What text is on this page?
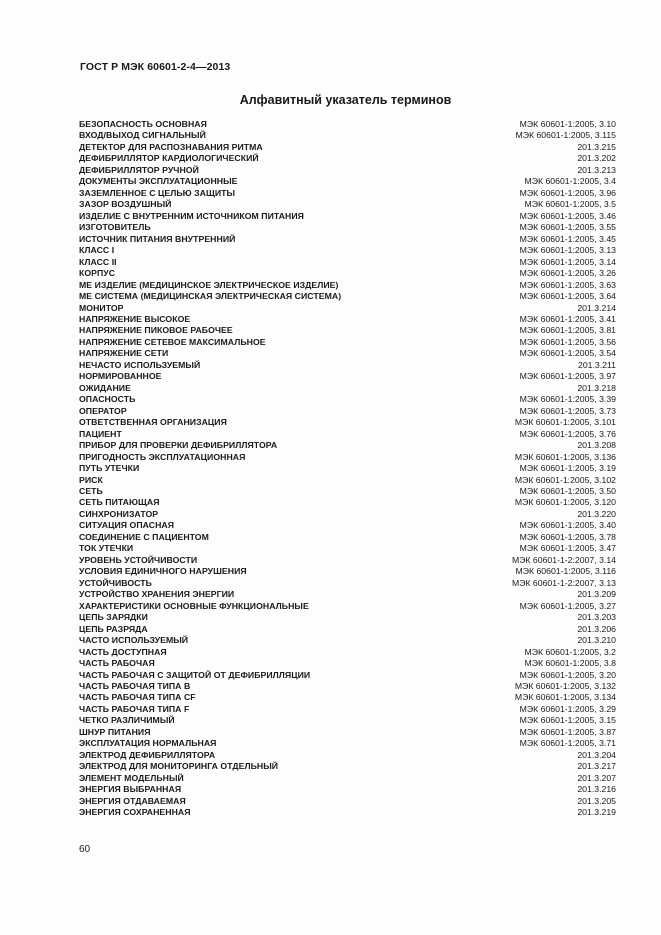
ГОСТ Р МЭК 60601-2-4—2013
Алфавитный указатель терминов
БЕЗОПАСНОСТЬ ОСНОВНАЯ	МЭК 60601-1:2005, 3.10
ВХОД/ВЫХОД СИГНАЛЬНЫЙ	МЭК 60601-1:2005, 3.115
ДЕТЕКТОР ДЛЯ РАСПОЗНАВАНИЯ РИТМА	201.3.215
ДЕФИБРИЛЛЯТОР КАРДИОЛОГИЧЕСКИЙ	201.3.202
ДЕФИБРИЛЛЯТОР РУЧНОЙ	201.3.213
ДОКУМЕНТЫ ЭКСПЛУАТАЦИОННЫЕ	МЭК 60601-1:2005, 3.4
ЗАЗЕМЛЕННОЕ С ЦЕЛЬЮ ЗАЩИТЫ	МЭК 60601-1:2005, 3.96
ЗАЗОР ВОЗДУШНЫЙ	МЭК 60601-1:2005, 3.5
ИЗДЕЛИЕ С ВНУТРЕННИМ ИСТОЧНИКОМ ПИТАНИЯ	МЭК 60601-1:2005, 3.46
ИЗГОТОВИТЕЛЬ	МЭК 60601-1:2005, 3.55
ИСТОЧНИК ПИТАНИЯ ВНУТРЕННИЙ	МЭК 60601-1:2005, 3.45
КЛАСС I	МЭК 60601-1:2005, 3.13
КЛАСС II	МЭК 60601-1:2005, 3.14
КОРПУС	МЭК 60601-1:2005, 3.26
ME ИЗДЕЛИЕ (МЕДИЦИНСКОЕ ЭЛЕКТРИЧЕСКОЕ ИЗДЕЛИЕ)	МЭК 60601-1:2005, 3.63
ME СИСТЕМА (МЕДИЦИНСКАЯ ЭЛЕКТРИЧЕСКАЯ СИСТЕМА)	МЭК 60601-1:2005, 3.64
МОНИТОР	201.3.214
НАПРЯЖЕНИЕ ВЫСОКОЕ	МЭК 60601-1:2005, 3.41
НАПРЯЖЕНИЕ ПИКОВОЕ РАБОЧЕЕ	МЭК 60601-1:2005, 3.81
НАПРЯЖЕНИЕ СЕТЕВОЕ МАКСИМАЛЬНОЕ	МЭК 60601-1:2005, 3.56
НАПРЯЖЕНИЕ СЕТИ	МЭК 60601-1:2005, 3.54
НЕЧАСТО ИСПОЛЬЗУЕМЫЙ	201.3.211
НОРМИРОВАННОЕ	МЭК 60601-1:2005, 3.97
ОЖИДАНИЕ	201.3.218
ОПАСНОСТЬ	МЭК 60601-1:2005, 3.39
ОПЕРАТОР	МЭК 60601-1:2005, 3.73
ОТВЕТСТВЕННАЯ ОРГАНИЗАЦИЯ	МЭК 60601-1:2005, 3.101
ПАЦИЕНТ	МЭК 60601-1:2005, 3.76
ПРИБОР ДЛЯ ПРОВЕРКИ ДЕФИБРИЛЛЯТОРА	201.3.208
ПРИГОДНОСТЬ ЭКСПЛУАТАЦИОННАЯ	МЭК 60601-1:2005, 3.136
ПУТЬ УТЕЧКИ	МЭК 60601-1:2005, 3.19
РИСК	МЭК 60601-1:2005, 3.102
СЕТЬ	МЭК 60601-1:2005, 3.50
СЕТЬ ПИТАЮЩАЯ	МЭК 60601-1:2005, 3.120
СИНХРОНИЗАТОР	201.3.220
СИТУАЦИЯ ОПАСНАЯ	МЭК 60601-1:2005, 3.40
СОЕДИНЕНИЕ С ПАЦИЕНТОМ	МЭК 60601-1:2005, 3.78
ТОК УТЕЧКИ	МЭК 60601-1:2005, 3.47
УРОВЕНЬ УСТОЙЧИВОСТИ	МЭК 60601-1-2:2007, 3.14
УСЛОВИЯ ЕДИНИЧНОГО НАРУШЕНИЯ	МЭК 60601-1:2005, 3.116
УСТОЙЧИВОСТЬ	МЭК 60601-1-2:2007, 3.13
УСТРОЙСТВО ХРАНЕНИЯ ЭНЕРГИИ	201.3.209
ХАРАКТЕРИСТИКИ ОСНОВНЫЕ ФУНКЦИОНАЛЬНЫЕ	МЭК 60601-1:2005, 3.27
ЦЕПЬ ЗАРЯДКИ	201.3.203
ЦЕПЬ РАЗРЯДА	201.3.206
ЧАСТО ИСПОЛЬЗУЕМЫЙ	201.3.210
ЧАСТЬ ДОСТУПНАЯ	МЭК 60601-1:2005, 3.2
ЧАСТЬ РАБОЧАЯ	МЭК 60601-1:2005, 3.8
ЧАСТЬ РАБОЧАЯ С ЗАЩИТОЙ ОТ ДЕФИБРИЛЛЯЦИИ	МЭК 60601-1:2005, 3.20
ЧАСТЬ РАБОЧАЯ ТИПА B	МЭК 60601-1:2005, 3.132
ЧАСТЬ РАБОЧАЯ ТИПА CF	МЭК 60601-1:2005, 3.134
ЧАСТЬ РАБОЧАЯ ТИПА F	МЭК 60601-1:2005, 3.29
ЧЕТКО РАЗЛИЧИМЫЙ	МЭК 60601-1:2005, 3.15
ШНУР ПИТАНИЯ	МЭК 60601-1:2005, 3.87
ЭКСПЛУАТАЦИЯ НОРМАЛЬНАЯ	МЭК 60601-1:2005, 3.71
ЭЛЕКТРОД ДЕФИБРИЛЛЯТОРА	201.3.204
ЭЛЕКТРОД ДЛЯ МОНИТОРИНГА ОТДЕЛЬНЫЙ	201.3.217
ЭЛЕМЕНТ МОДЕЛЬНЫЙ	201.3.207
ЭНЕРГИЯ ВЫБРАННАЯ	201.3.216
ЭНЕРГИЯ ОТДАВАЕМАЯ	201.3.205
ЭНЕРГИЯ СОХРАНЕННАЯ	201.3.219
60
